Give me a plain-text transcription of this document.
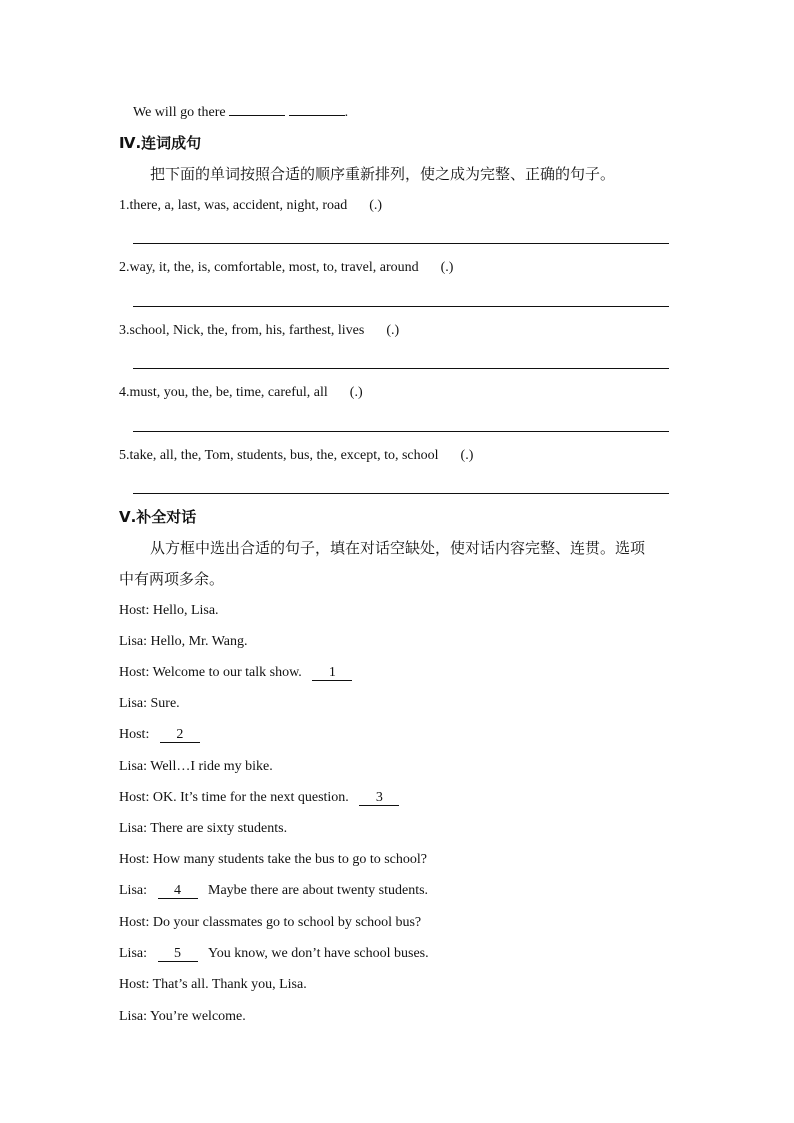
We will go there	.
Ⅳ.连词成句
把下面的单词按照合适的顺序重新排列，使之成为完整、正确的句子。
1.there, a, last, was, accident, night, road (.)
2.way, it, the, is, comfortable, most, to, travel, around (.)
3.school, Nick, the, from, his, farthest, lives (.)
4.must, you, the, be, time, careful, all (.)
5.take, all, the, Tom, students, bus, the, except, to, school (.)
Ⅴ.补全对话
从方框中选出合适的句子，填在对话空缺处，使对话内容完整、连贯。选项
中有两项多余。
Host: Hello, Lisa.
Lisa: Hello, Mr. Wang.
Host: Welcome to our talk show. 1
Lisa: Sure.
Host: 2
Lisa: Well…I ride my bike.
Host: OK. It’s time for the next question. 3
Lisa: There are sixty students.
Host: How many students take the bus to go to school?
Lisa: 4 Maybe there are about twenty students.
Host: Do your classmates go to school by school bus?
Lisa: 5 You know, we don’t have school buses.
Host: That’s all. Thank you, Lisa.
Lisa: You’re welcome.
